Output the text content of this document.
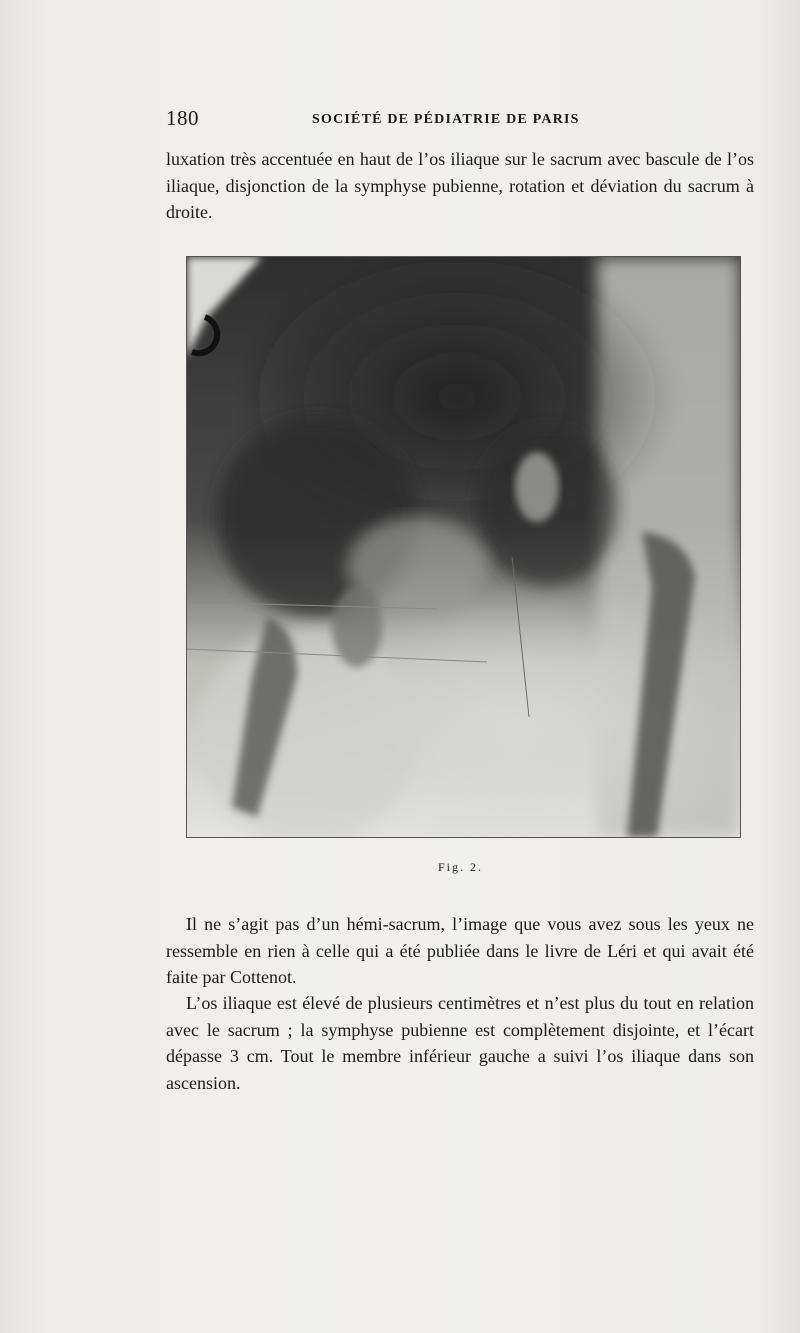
180	SOCIÉTÉ DE PÉDIATRIE DE PARIS

luxation très accentuée en haut de l’os iliaque sur le sacrum avec bascule de l’os iliaque, disjonction de la symphyse pubienne, rotation et déviation du sacrum à droite.

Fig. 2.

Il ne s’agit pas d’un hémi-sacrum, l’image que vous avez sous les yeux ne ressemble en rien à celle qui a été publiée dans le livre de Léri et qui avait été faite par Cottenot.

L’os iliaque est élevé de plusieurs centimètres et n’est plus du tout en relation avec le sacrum ; la symphyse pubienne est complètement disjointe, et l’écart dépasse 3 cm. Tout le membre inférieur gauche a suivi l’os iliaque dans son ascension.
